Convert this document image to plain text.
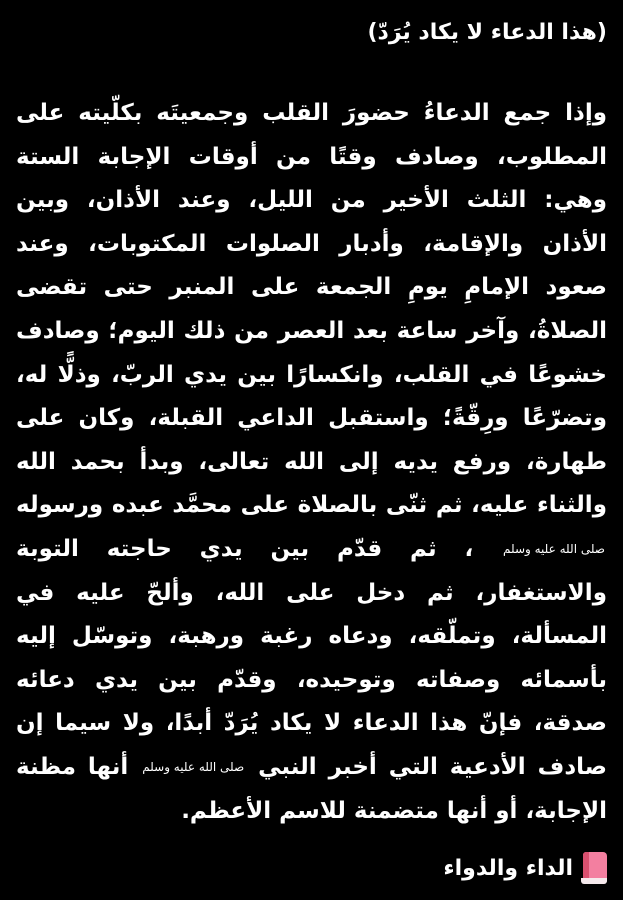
(هذا الدعاء لا يكاد يُرَدّ)

وإذا جمع الدعاءُ حضورَ القلب وجمعيتَه بكلّيته على المطلوب، وصادف وقتًا من أوقات الإجابة الستة وهي: الثلث الأخير من الليل، وعند الأذان، وبين الأذان والإقامة، وأدبار الصلوات المكتوبات، وعند صعود الإمامِ يومِ الجمعة على المنبر حتى تقضى الصلاةُ، وآخر ساعة بعد العصر من ذلك اليوم؛ وصادف خشوعًا في القلب، وانكسارًا بين يدي الربّ، وذلًّا له، وتضرّعًا ورِقّةً؛ واستقبل الداعي القبلة، وكان على طهارة، ورفع يديه إلى الله تعالى، وبدأ بحمد الله والثناء عليه، ثم ثنّى بالصلاة على محمَّد عبده ورسوله صلى الله عليه وسلم ، ثم قدّم بين يدي حاجته التوبة والاستغفار، ثم دخل على الله، وألحّ عليه في المسألة، وتملّقه، ودعاه رغبة ورهبة، وتوسّل إليه بأسمائه وصفاته وتوحيده، وقدّم بين يدي دعائه صدقة، فإنّ هذا الدعاء لا يكاد يُرَدّ أبدًا، ولا سيما إن صادف الأدعية التي أخبر النبي صلى الله عليه وسلم أنها مظنة الإجابة، أو أنها متضمنة للاسم الأعظم.

الداء والدواء
